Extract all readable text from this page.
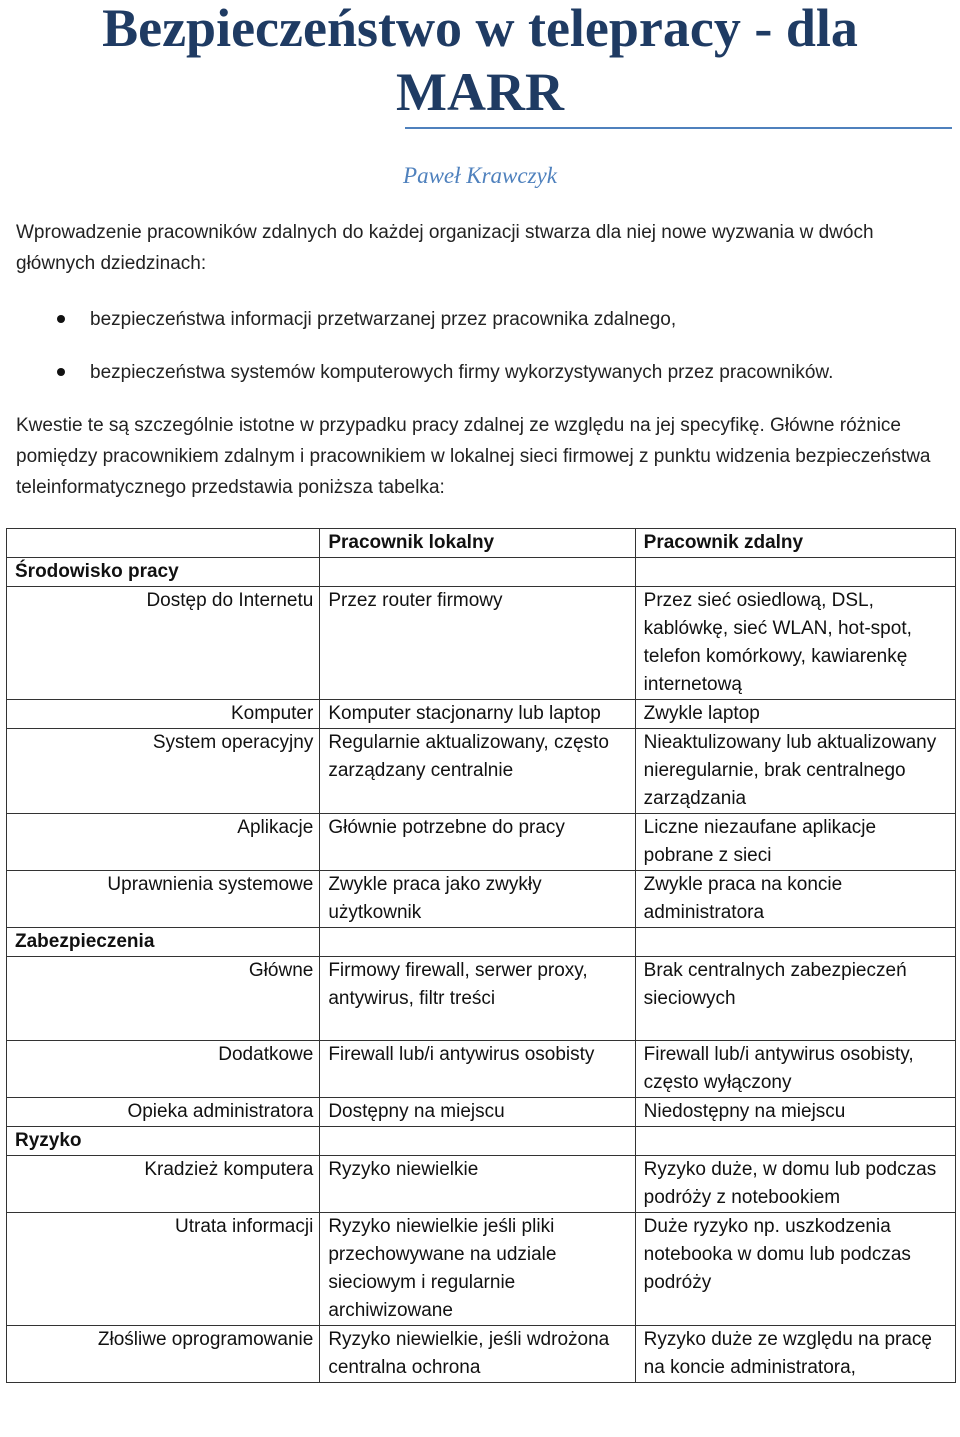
Bezpieczeństwo w telepracy - dla
MARR
Paweł Krawczyk

Wprowadzenie pracowników zdalnych do każdej organizacji stwarza dla niej nowe wyzwania w dwóch głównych dziedzinach:

bezpieczeństwa informacji przetwarzanej przez pracownika zdalnego,
bezpieczeństwa systemów komputerowych firmy wykorzystywanych przez pracowników.

Kwestie te są szczególnie istotne w przypadku pracy zdalnej ze względu na jej specyfikę. Główne różnice pomiędzy pracownikiem zdalnym i pracownikiem w lokalnej sieci firmowej z punktu widzenia bezpieczeństwa teleinformatycznego przedstawia poniższa tabelka:

	Pracownik lokalny	Pracownik zdalny
Środowisko pracy		
Dostęp do Internetu	Przez router firmowy	Przez sieć osiedlową, DSL, kablówkę, sieć WLAN, hot-spot, telefon komórkowy, kawiarenkę internetową
Komputer	Komputer stacjonarny lub laptop	Zwykle laptop
System operacyjny	Regularnie aktualizowany, często zarządzany centralnie	Nieaktulizowany lub aktualizowany nieregularnie, brak centralnego zarządzania
Aplikacje	Głównie potrzebne do pracy	Liczne niezaufane aplikacje pobrane z sieci
Uprawnienia systemowe	Zwykle praca jako zwykły użytkownik	Zwykle praca na koncie administratora
Zabezpieczenia		
Główne	Firmowy firewall, serwer proxy, antywirus, filtr treści	Brak centralnych zabezpieczeń sieciowych
Dodatkowe	Firewall lub/i antywirus osobisty	Firewall lub/i antywirus osobisty, często wyłączony
Opieka administratora	Dostępny na miejscu	Niedostępny na miejscu
Ryzyko		
Kradzież komputera	Ryzyko niewielkie	Ryzyko duże, w domu lub podczas podróży z notebookiem
Utrata informacji	Ryzyko niewielkie jeśli pliki przechowywane na udziale sieciowym i regularnie archiwizowane	Duże ryzyko np. uszkodzenia notebooka w domu lub podczas podróży
Złośliwe oprogramowanie	Ryzyko niewielkie, jeśli wdrożona centralna ochrona	Ryzyko duże ze względu na pracę na koncie administratora,
